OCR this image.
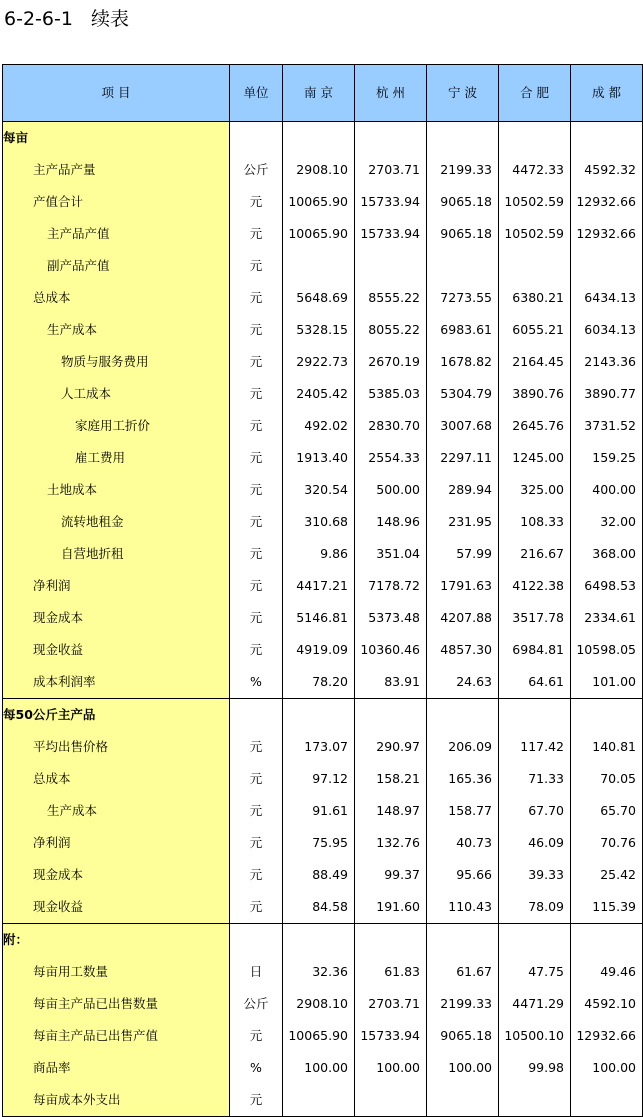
6-2-6-1   续表
项 目	单位	南 京	杭 州	宁 波	合 肥	成 都
每亩						
主产品产量	公斤	2908.10	2703.71	2199.33	4472.33	4592.32
产值合计	元	10065.90	15733.94	9065.18	10502.59	12932.66
主产品产值	元	10065.90	15733.94	9065.18	10502.59	12932.66
副产品产值	元					
总成本	元	5648.69	8555.22	7273.55	6380.21	6434.13
生产成本	元	5328.15	8055.22	6983.61	6055.21	6034.13
物质与服务费用	元	2922.73	2670.19	1678.82	2164.45	2143.36
人工成本	元	2405.42	5385.03	5304.79	3890.76	3890.77
家庭用工折价	元	492.02	2830.70	3007.68	2645.76	3731.52
雇工费用	元	1913.40	2554.33	2297.11	1245.00	159.25
土地成本	元	320.54	500.00	289.94	325.00	400.00
流转地租金	元	310.68	148.96	231.95	108.33	32.00
自营地折租	元	9.86	351.04	57.99	216.67	368.00
净利润	元	4417.21	7178.72	1791.63	4122.38	6498.53
现金成本	元	5146.81	5373.48	4207.88	3517.78	2334.61
现金收益	元	4919.09	10360.46	4857.30	6984.81	10598.05
成本利润率	%	78.20	83.91	24.63	64.61	101.00
每50公斤主产品						
平均出售价格	元	173.07	290.97	206.09	117.42	140.81
总成本	元	97.12	158.21	165.36	71.33	70.05
生产成本	元	91.61	148.97	158.77	67.70	65.70
净利润	元	75.95	132.76	40.73	46.09	70.76
现金成本	元	88.49	99.37	95.66	39.33	25.42
现金收益	元	84.58	191.60	110.43	78.09	115.39
附：						
每亩用工数量	日	32.36	61.83	61.67	47.75	49.46
每亩主产品已出售数量	公斤	2908.10	2703.71	2199.33	4471.29	4592.10
每亩主产品已出售产值	元	10065.90	15733.94	9065.18	10500.10	12932.66
商品率	%	100.00	100.00	100.00	99.98	100.00
每亩成本外支出	元					
